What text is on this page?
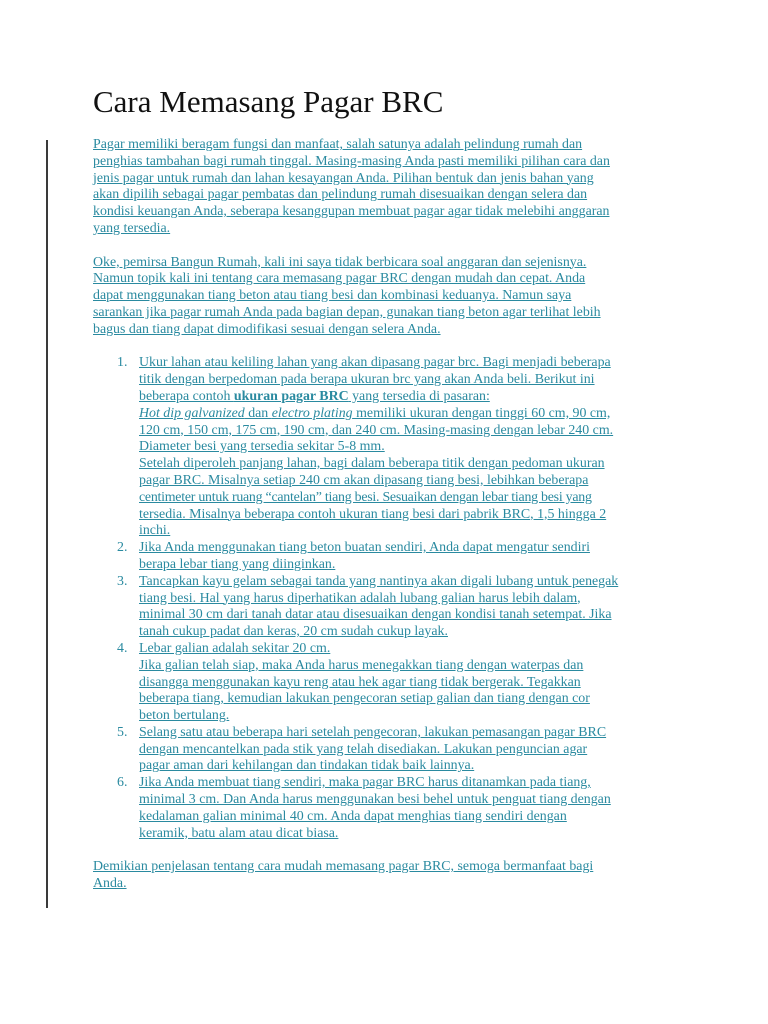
Cara Memasang Pagar BRC

Pagar memiliki beragam fungsi dan manfaat, salah satunya adalah pelindung rumah dan
penghias tambahan bagi rumah tinggal. Masing-masing Anda pasti memiliki pilihan cara dan
jenis pagar untuk rumah dan lahan kesayangan Anda. Pilihan bentuk dan jenis bahan yang
akan dipilih sebagai pagar pembatas dan pelindung rumah disesuaikan dengan selera dan
kondisi keuangan Anda, seberapa kesanggupan membuat pagar agar tidak melebihi anggaran
yang tersedia.

Oke, pemirsa Bangun Rumah, kali ini saya tidak berbicara soal anggaran dan sejenisnya.
Namun topik kali ini tentang cara memasang pagar BRC dengan mudah dan cepat. Anda
dapat menggunakan tiang beton atau tiang besi dan kombinasi keduanya. Namun saya
sarankan jika pagar rumah Anda pada bagian depan, gunakan tiang beton agar terlihat lebih
bagus dan tiang dapat dimodifikasi sesuai dengan selera Anda.

1. Ukur lahan atau keliling lahan yang akan dipasang pagar brc. Bagi menjadi beberapa
titik dengan berpedoman pada berapa ukuran brc yang akan Anda beli. Berikut ini
beberapa contoh ukuran pagar BRC yang tersedia di pasaran:
Hot dip galvanized dan electro plating memiliki ukuran dengan tinggi 60 cm, 90 cm,
120 cm, 150 cm, 175 cm, 190 cm, dan 240 cm. Masing-masing dengan lebar 240 cm.
Diameter besi yang tersedia sekitar 5-8 mm.
Setelah diperoleh panjang lahan, bagi dalam beberapa titik dengan pedoman ukuran
pagar BRC. Misalnya setiap 240 cm akan dipasang tiang besi, lebihkan beberapa
centimeter untuk ruang “cantelan” tiang besi. Sesuaikan dengan lebar tiang besi yang
tersedia. Misalnya beberapa contoh ukuran tiang besi dari pabrik BRC, 1,5 hingga 2
inchi.
2. Jika Anda menggunakan tiang beton buatan sendiri, Anda dapat mengatur sendiri
berapa lebar tiang yang diinginkan.
3. Tancapkan kayu gelam sebagai tanda yang nantinya akan digali lubang untuk penegak
tiang besi. Hal yang harus diperhatikan adalah lubang galian harus lebih dalam,
minimal 30 cm dari tanah datar atau disesuaikan dengan kondisi tanah setempat. Jika
tanah cukup padat dan keras, 20 cm sudah cukup layak.
4. Lebar galian adalah sekitar 20 cm.
Jika galian telah siap, maka Anda harus menegakkan tiang dengan waterpas dan
disangga menggunakan kayu reng atau hek agar tiang tidak bergerak. Tegakkan
beberapa tiang, kemudian lakukan pengecoran setiap galian dan tiang dengan cor
beton bertulang.
5. Selang satu atau beberapa hari setelah pengecoran, lakukan pemasangan pagar BRC
dengan mencantelkan pada stik yang telah disediakan. Lakukan penguncian agar
pagar aman dari kehilangan dan tindakan tidak baik lainnya.
6. Jika Anda membuat tiang sendiri, maka pagar BRC harus ditanamkan pada tiang,
minimal 3 cm. Dan Anda harus menggunakan besi behel untuk penguat tiang dengan
kedalaman galian minimal 40 cm. Anda dapat menghias tiang sendiri dengan
keramik, batu alam atau dicat biasa.

Demikian penjelasan tentang cara mudah memasang pagar BRC, semoga bermanfaat bagi
Anda.
